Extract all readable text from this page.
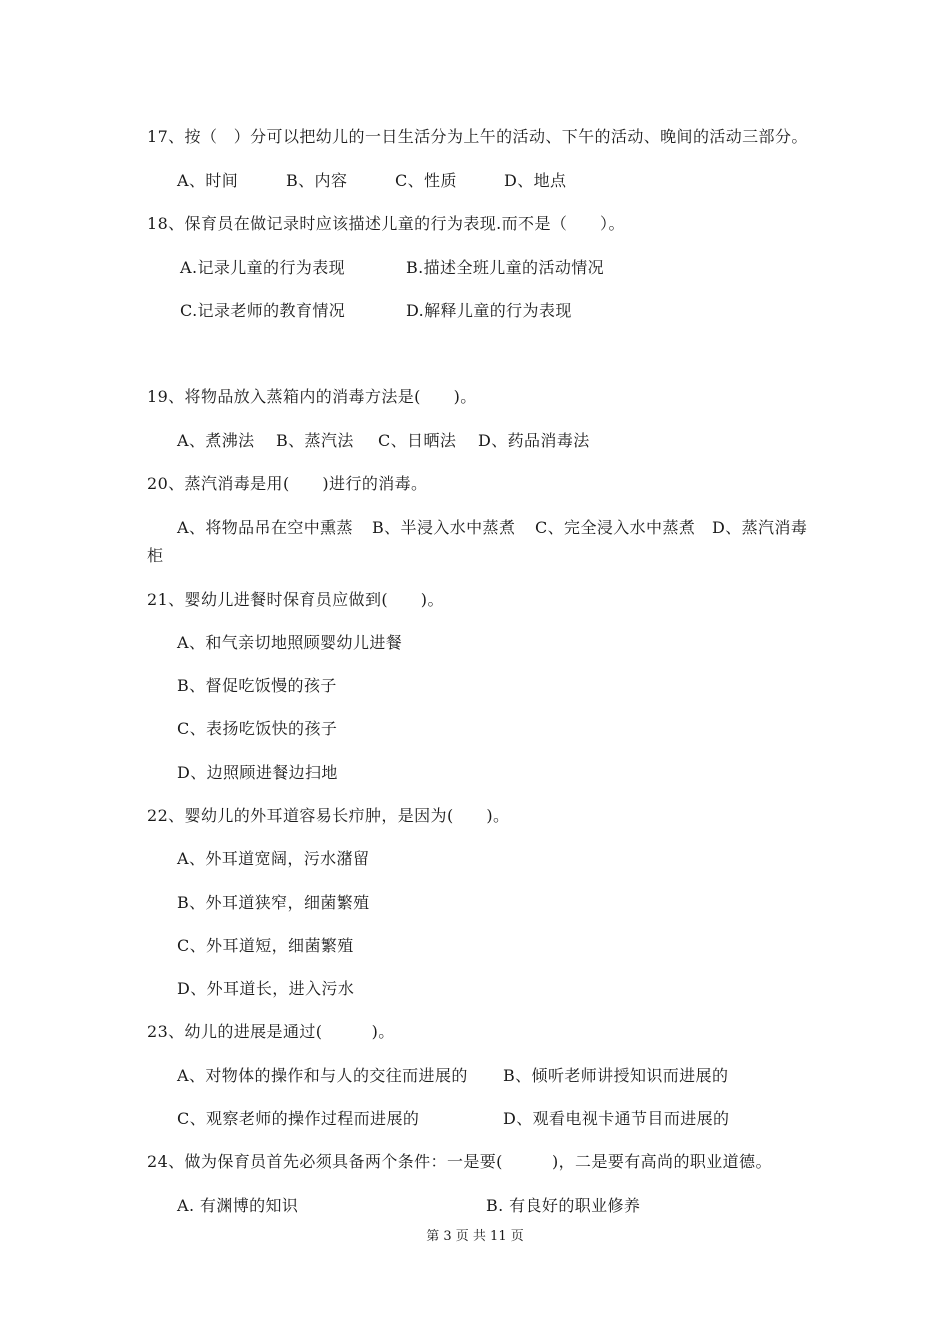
17、按（　）分可以把幼儿的一日生活分为上午的活动、下午的活动、晚间的活动三部分。
A、时间	B、内容	C、性质	D、地点
18、保育员在做记录时应该描述儿童的行为表现.而不是（　　）。
A.记录儿童的行为表现	B.描述全班儿童的活动情况
C.记录老师的教育情况	D.解释儿童的行为表现
19、将物品放入蒸箱内的消毒方法是(　　)。
A、煮沸法 B、蒸汽法 C、日晒法 D、药品消毒法
20、蒸汽消毒是用(　　)进行的消毒。
A、将物品吊在空中熏蒸 B、半浸入水中蒸煮 C、完全浸入水中蒸煮 D、蒸汽消毒
柜
21、婴幼儿进餐时保育员应做到(　　)。
A、和气亲切地照顾婴幼儿进餐
B、督促吃饭慢的孩子
C、表扬吃饭快的孩子
D、边照顾进餐边扫地
22、婴幼儿的外耳道容易长疖肿，是因为(　　)。
A、外耳道宽阔，污水潴留
B、外耳道狭窄，细菌繁殖
C、外耳道短，细菌繁殖
D、外耳道长，进入污水
23、幼儿的进展是通过(　　　)。
A、对物体的操作和与人的交往而进展的 B、倾听老师讲授知识而进展的
C、观察老师的操作过程而进展的	D、观看电视卡通节目而进展的
24、做为保育员首先必须具备两个条件：一是要(　　　)，二是要有高尚的职业道德。
A. 有渊博的知识	B. 有良好的职业修养
第 3 页 共 11 页
